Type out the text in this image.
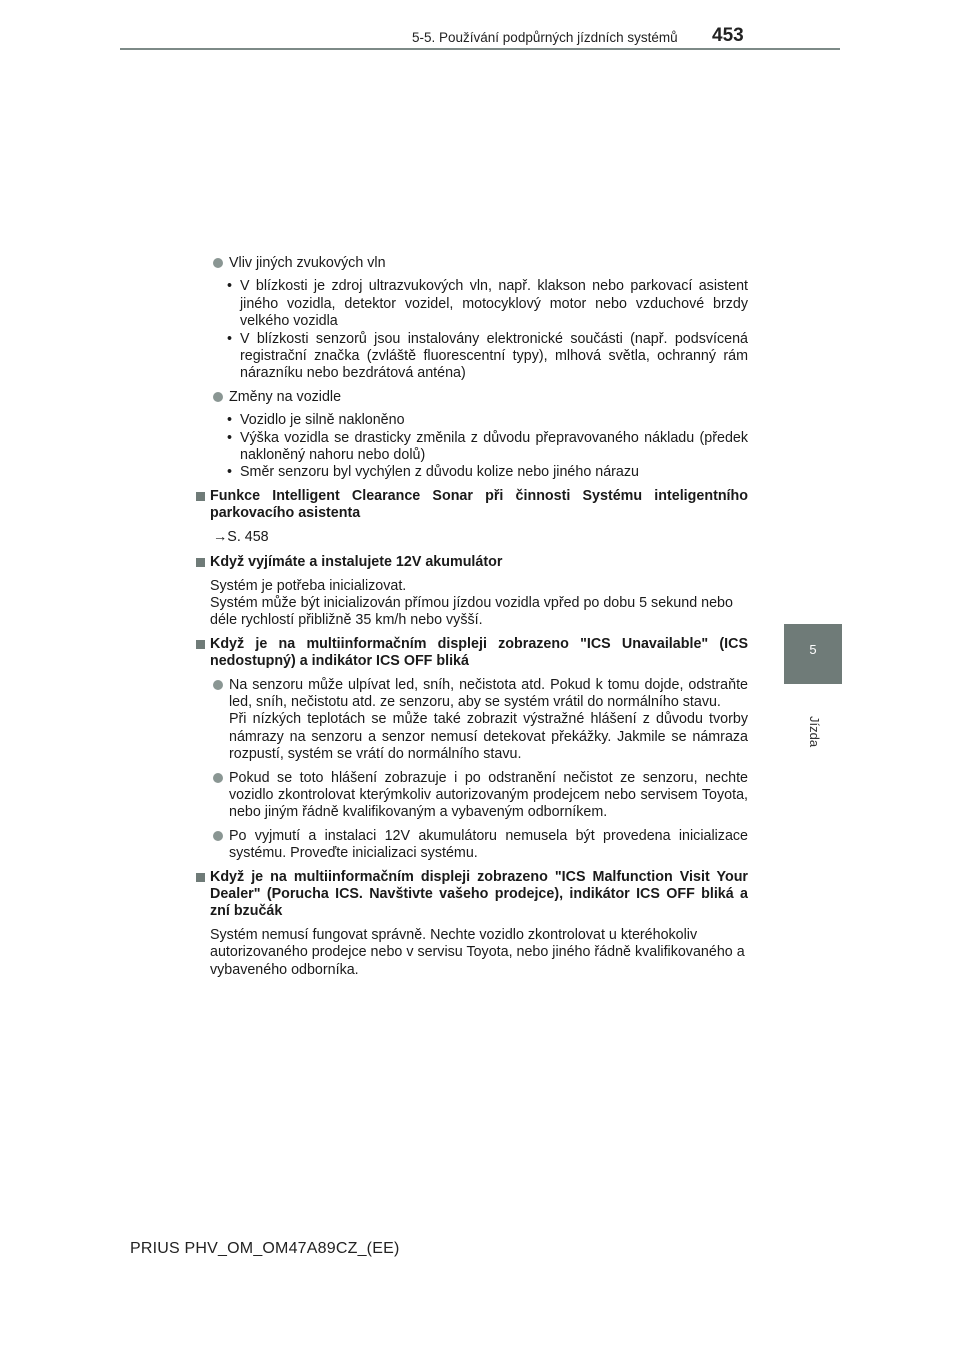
5-5. Používání podpůrných jízdních systémů 453
5
Jízda
Vliv jiných zvukových vln
• V blízkosti je zdroj ultrazvukových vln, např. klakson nebo parkovací asistent jiného vozidla, detektor vozidel, motocyklový motor nebo vzduchové brzdy velkého vozidla
• V blízkosti senzorů jsou instalovány elektronické součásti (např. podsvícená registrační značka (zvláště fluorescentní typy), mlhová světla, ochranný rám nárazníku nebo bezdrátová anténa)
Změny na vozidle
• Vozidlo je silně nakloněno
• Výška vozidla se drasticky změnila z důvodu přepravovaného nákladu (předek nakloněný nahoru nebo dolů)
• Směr senzoru byl vychýlen z důvodu kolize nebo jiného nárazu
Funkce Intelligent Clearance Sonar při činnosti Systému inteligentního parkovacího asistenta
→S. 458
Když vyjímáte a instalujete 12V akumulátor
Systém je potřeba inicializovat.
Systém může být inicializován přímou jízdou vozidla vpřed po dobu 5 sekund nebo déle rychlostí přibližně 35 km/h nebo vyšší.
Když je na multiinformačním displeji zobrazeno "ICS Unavailable" (ICS nedostupný) a indikátor ICS OFF bliká
Na senzoru může ulpívat led, sníh, nečistota atd. Pokud k tomu dojde, odstraňte led, sníh, nečistotu atd. ze senzoru, aby se systém vrátil do normálního stavu.
Při nízkých teplotách se může také zobrazit výstražné hlášení z důvodu tvorby námrazy na senzoru a senzor nemusí detekovat překážky. Jakmile se námraza rozpustí, systém se vrátí do normálního stavu.
Pokud se toto hlášení zobrazuje i po odstranění nečistot ze senzoru, nechte vozidlo zkontrolovat kterýmkoliv autorizovaným prodejcem nebo servisem Toyota, nebo jiným řádně kvalifikovaným a vybaveným odborníkem.
Po vyjmutí a instalaci 12V akumulátoru nemusela být provedena inicializace systému. Proveďte inicializaci systému.
Když je na multiinformačním displeji zobrazeno "ICS Malfunction Visit Your Dealer" (Porucha ICS. Navštivte vašeho prodejce), indikátor ICS OFF bliká a zní bzučák
Systém nemusí fungovat správně. Nechte vozidlo zkontrolovat u kteréhokoliv autorizovaného prodejce nebo v servisu Toyota, nebo jiného řádně kvalifikovaného a vybaveného odborníka.
PRIUS PHV_OM_OM47A89CZ_(EE)
